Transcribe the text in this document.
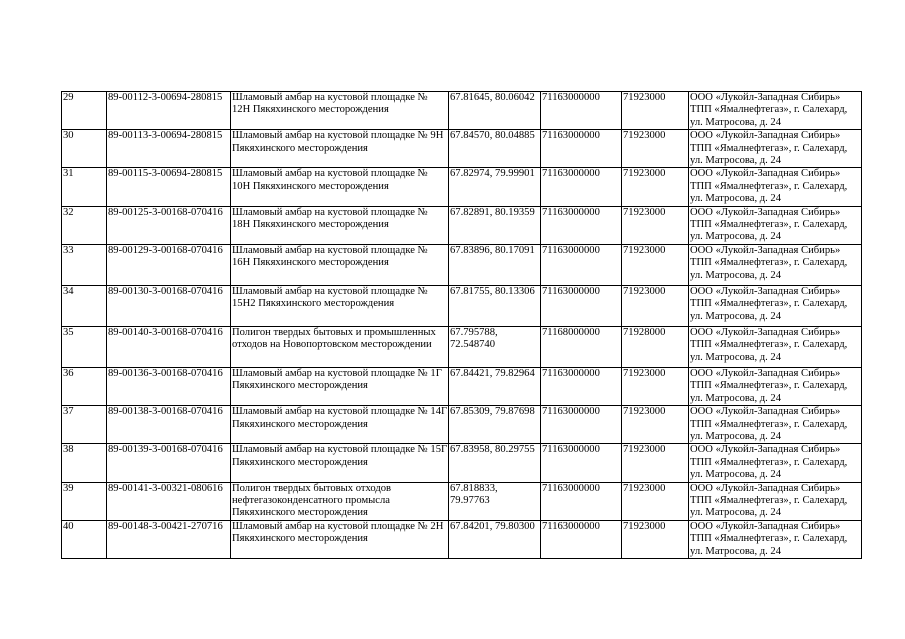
29	89-00112-3-00694-280815	Шламовый амбар на кустовой площадке № 12Н Пякяхинского месторождения	67.81645, 80.06042	71163000000	71923000	ООО «Лукойл-Западная Сибирь» ТПП «Ямалнефтегаз», г. Салехард, ул. Матросова, д. 24
30	89-00113-3-00694-280815	Шламовый амбар на кустовой площадке № 9Н Пякяхинского месторождения	67.84570, 80.04885	71163000000	71923000	ООО «Лукойл-Западная Сибирь» ТПП «Ямалнефтегаз», г. Салехард, ул. Матросова, д. 24
31	89-00115-3-00694-280815	Шламовый амбар на кустовой площадке № 10Н Пякяхинского месторождения	67.82974, 79.99901	71163000000	71923000	ООО «Лукойл-Западная Сибирь» ТПП «Ямалнефтегаз», г. Салехард, ул. Матросова, д. 24
32	89-00125-3-00168-070416	Шламовый амбар на кустовой площадке № 18Н Пякяхинского месторождения	67.82891, 80.19359	71163000000	71923000	ООО «Лукойл-Западная Сибирь» ТПП «Ямалнефтегаз», г. Салехард, ул. Матросова, д. 24
33	89-00129-3-00168-070416	Шламовый амбар на кустовой площадке № 16Н Пякяхинского месторождения	67.83896, 80.17091	71163000000	71923000	ООО «Лукойл-Западная Сибирь» ТПП «Ямалнефтегаз», г. Салехард, ул. Матросова, д. 24
34	89-00130-3-00168-070416	Шламовый амбар на кустовой площадке № 15Н2 Пякяхинского месторождения	67.81755, 80.13306	71163000000	71923000	ООО «Лукойл-Западная Сибирь» ТПП «Ямалнефтегаз», г. Салехард, ул. Матросова, д. 24
35	89-00140-3-00168-070416	Полигон твердых бытовых и промышленных отходов на Новопортовском месторождении	67.795788, 72.548740	71168000000	71928000	ООО «Лукойл-Западная Сибирь» ТПП «Ямалнефтегаз», г. Салехард, ул. Матросова, д. 24
36	89-00136-3-00168-070416	Шламовый амбар на кустовой площадке № 1Г Пякяхинского месторождения	67.84421, 79.82964	71163000000	71923000	ООО «Лукойл-Западная Сибирь» ТПП «Ямалнефтегаз», г. Салехард, ул. Матросова, д. 24
37	89-00138-3-00168-070416	Шламовый амбар на кустовой площадке № 14Г Пякяхинского месторождения	67.85309, 79.87698	71163000000	71923000	ООО «Лукойл-Западная Сибирь» ТПП «Ямалнефтегаз», г. Салехард, ул. Матросова, д. 24
38	89-00139-3-00168-070416	Шламовый амбар на кустовой площадке № 15Г Пякяхинского месторождения	67.83958, 80.29755	71163000000	71923000	ООО «Лукойл-Западная Сибирь» ТПП «Ямалнефтегаз», г. Салехард, ул. Матросова, д. 24
39	89-00141-3-00321-080616	Полигон твердых бытовых отходов нефтегазоконденсатного промысла Пякяхинского месторождения	67.818833, 79.97763	71163000000	71923000	ООО «Лукойл-Западная Сибирь» ТПП «Ямалнефтегаз», г. Салехард, ул. Матросова, д. 24
40	89-00148-3-00421-270716	Шламовый амбар на кустовой площадке № 2Н Пякяхинского месторождения	67.84201, 79.80300	71163000000	71923000	ООО «Лукойл-Западная Сибирь» ТПП «Ямалнефтегаз», г. Салехард, ул. Матросова, д. 24
